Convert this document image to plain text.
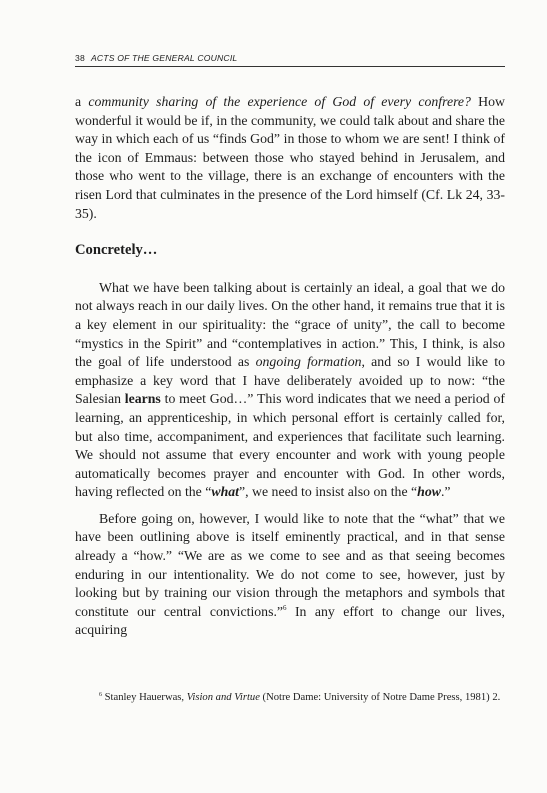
38 ACTS OF THE GENERAL COUNCIL

a community sharing of the experience of God of every confrere? How wonderful it would be if, in the community, we could talk about and share the way in which each of us “finds God” in those to whom we are sent! I think of the icon of Emmaus: between those who stayed behind in Jerusalem, and those who went to the village, there is an exchange of encounters with the risen Lord that culminates in the presence of the Lord himself (Cf. Lk 24, 33-35).

Concretely…

What we have been talking about is certainly an ideal, a goal that we do not always reach in our daily lives. On the other hand, it remains true that it is a key element in our spirituality: the “grace of unity”, the call to become “mystics in the Spirit” and “contemplatives in action.” This, I think, is also the goal of life understood as ongoing formation, and so I would like to emphasize a key word that I have deliberately avoided up to now: “the Salesian learns to meet God…” This word indicates that we need a period of learning, an apprenticeship, in which personal effort is certainly called for, but also time, accompaniment, and experiences that facilitate such learning. We should not assume that every encounter and work with young people automatically becomes prayer and encounter with God. In other words, having reflected on the “what”, we need to insist also on the “how.”

Before going on, however, I would like to note that the “what” that we have been outlining above is itself eminently practical, and in that sense already a “how.” “We are as we come to see and as that seeing becomes enduring in our intentionality. We do not come to see, however, just by looking but by training our vision through the metaphors and symbols that constitute our central convictions.”$^6$ In any effort to change our lives, acquiring

$^6$ Stanley Hauerwas, Vision and Virtue (Notre Dame: University of Notre Dame Press, 1981) 2.
